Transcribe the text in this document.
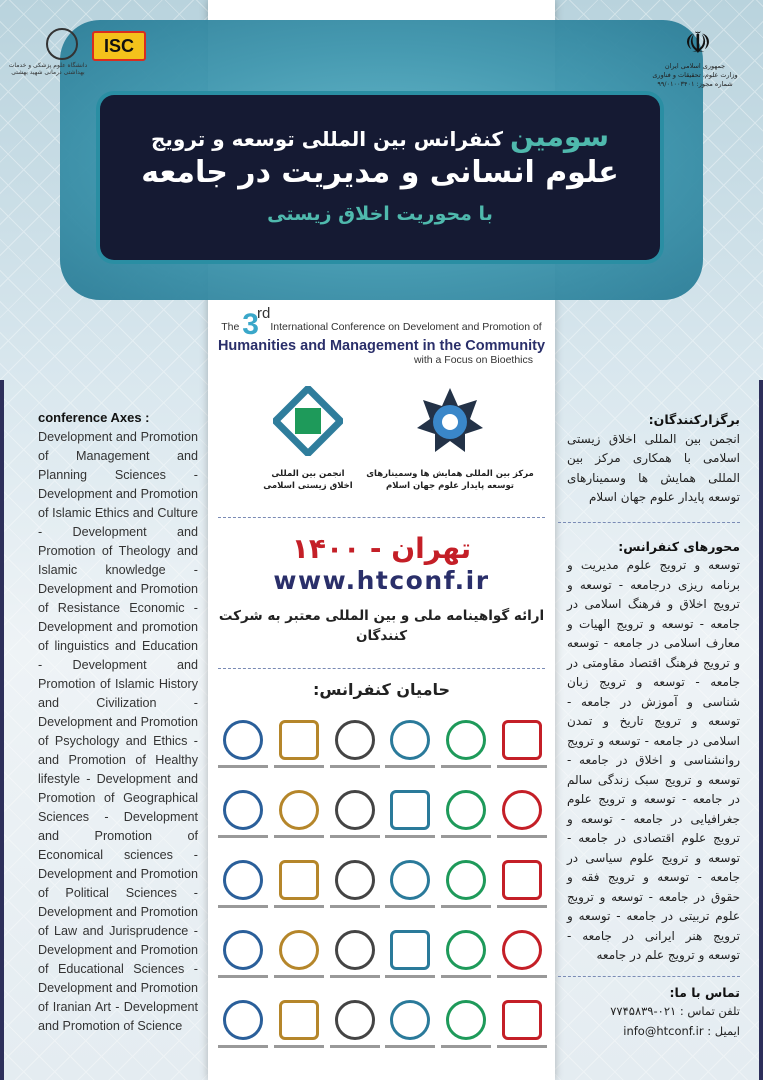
دانشگاه علوم پزشکی و خدمات بهداشتی درمانی شهید بهشتی
ISC	☫
جمهوری اسلامی ایران
وزارت علوم، تحقیقات و فناوری
شماره مجوز: ۹۹/۰۱۰۰۳۴۰۱
سومین کنفرانس بین المللی توسعه و ترویج
علوم انسانی و مدیریت در جامعه
با محوریت اخلاق زیستی
The 3rdInternational Conference on Develoment and Promotion of
Humanities and Management in the Community
with a Focus on Bioethics
مرکز بین المللی همایش ها وسمینارهای
توسعه پایدار علوم جهان اسلام
انجمن بین المللی
اخلاق زیستی اسلامی
تهران - ۱۴۰۰
www.htconf.ir
ارائه گواهینامه ملی و بین المللی معتبر به شرکت کنندگان
حامیان کنفرانس:
conference Axes :

Development and Promotion of Management and Planning Sciences - Development and Promotion of Islamic Ethics and Culture - Development and Promotion of Theology and Islamic knowledge - Development and Promotion of Resistance Economic - Development and promotion of linguistics and Education - Development and Promotion of Islamic History and Civilization - Development and Promotion of Psychology and Ethics - and Promotion of Healthy lifestyle - Development and Promotion of Geographical Sciences - Development and Promotion of Economical sciences - Development and Promotion of Political Sciences - Development and Promotion of Law and Jurisprudence - Development and Promotion of Educational Sciences - Development and Promotion of Iranian Art - Development and Promotion of Science

برگزارکنندگان:

انجمن بین المللی اخلاق زیستی اسلامی با همکاری مرکز بین المللی همایش ها وسمینارهای توسعه پایدار علوم جهان اسلام

محورهای کنفرانس:

توسعه و ترویج علوم مدیریت و برنامه ریزی درجامعه - توسعه و ترویج اخلاق و فرهنگ اسلامی در جامعه - توسعه و ترویج الهیات و معارف اسلامی در جامعه - توسعه و ترویج فرهنگ اقتصاد مقاومتی در جامعه - توسعه و ترویج زبان شناسی و آموزش در جامعه - توسعه و ترویج تاریخ و تمدن اسلامی در جامعه - توسعه و ترویج روانشناسی و اخلاق در جامعه - توسعه و ترویج سبک زندگی سالم در جامعه - توسعه و ترویج علوم جغرافیایی در جامعه - توسعه و ترویج علوم اقتصادی در جامعه - توسعه و ترویج علوم سیاسی در جامعه - توسعه و ترویج فقه و حقوق در جامعه - توسعه و ترویج علوم تربیتی در جامعه - توسعه و ترویج هنر ایرانی در جامعه - توسعه و ترویج علم در جامعه

تماس با ما:
تلفن تماس : ۰۲۱-۷۷۴۵۸۳۹
ایمیل : info@htconf.ir
